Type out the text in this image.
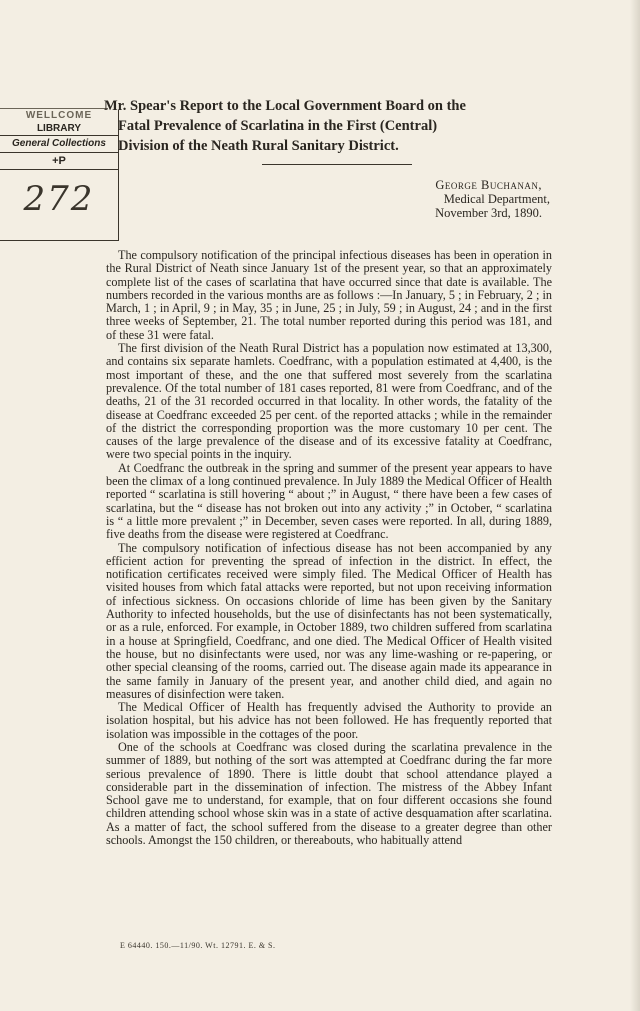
WELLCOME
LIBRARY
General Collections
+P
272
Mr. Spear's Report to the Local Government Board on the
Fatal Prevalence of Scarlatina in the First (Central)
Division of the Neath Rural Sanitary District.
George Buchanan,
Medical Department,
November 3rd, 1890.

The compulsory notification of the principal infectious diseases has been in operation in the Rural District of Neath since January 1st of the present year, so that an approximately complete list of the cases of scarlatina that have occurred since that date is available. The numbers recorded in the various months are as follows :—In January, 5 ; in February, 2 ; in March, 1 ; in April, 9 ; in May, 35 ; in June, 25 ; in July, 59 ; in August, 24 ; and in the first three weeks of September, 21. The total number reported during this period was 181, and of these 31 were fatal.

The first division of the Neath Rural District has a population now estimated at 13,300, and contains six separate hamlets. Coedfranc, with a population estimated at 4,400, is the most important of these, and the one that suffered most severely from the scarlatina prevalence. Of the total number of 181 cases reported, 81 were from Coedfranc, and of the deaths, 21 of the 31 recorded occurred in that locality. In other words, the fatality of the disease at Coedfranc exceeded 25 per cent. of the reported attacks ; while in the remainder of the district the corresponding proportion was the more customary 10 per cent. The causes of the large prevalence of the disease and of its excessive fatality at Coedfranc, were two special points in the inquiry.

At Coedfranc the outbreak in the spring and summer of the present year appears to have been the climax of a long continued prevalence. In July 1889 the Medical Officer of Health reported “ scarlatina is still hovering “ about ;” in August, “ there have been a few cases of scarlatina, but the “ disease has not broken out into any activity ;” in October, “ scarlatina is “ a little more prevalent ;” in December, seven cases were reported. In all, during 1889, five deaths from the disease were registered at Coedfranc.

The compulsory notification of infectious disease has not been accompanied by any efficient action for preventing the spread of infection in the district. In effect, the notification certificates received were simply filed. The Medical Officer of Health has visited houses from which fatal attacks were reported, but not upon receiving information of infectious sickness. On occasions chloride of lime has been given by the Sanitary Authority to infected households, but the use of disinfectants has not been systematically, or as a rule, enforced. For example, in October 1889, two children suffered from scarlatina in a house at Springfield, Coedfranc, and one died. The Medical Officer of Health visited the house, but no disinfectants were used, nor was any lime-washing or re-papering, or other special cleansing of the rooms, carried out. The disease again made its appearance in the same family in January of the present year, and another child died, and again no measures of disinfection were taken.

The Medical Officer of Health has frequently advised the Authority to provide an isolation hospital, but his advice has not been followed. He has frequently reported that isolation was impossible in the cottages of the poor.

One of the schools at Coedfranc was closed during the scarlatina prevalence in the summer of 1889, but nothing of the sort was attempted at Coedfranc during the far more serious prevalence of 1890. There is little doubt that school attendance played a considerable part in the dissemination of infection. The mistress of the Abbey Infant School gave me to understand, for example, that on four different occasions she found children attending school whose skin was in a state of active desquamation after scarlatina. As a matter of fact, the school suffered from the disease to a greater degree than other schools. Amongst the 150 children, or thereabouts, who habitually attend

E 64440. 150.—11/90. Wt. 12791. E. & S.
